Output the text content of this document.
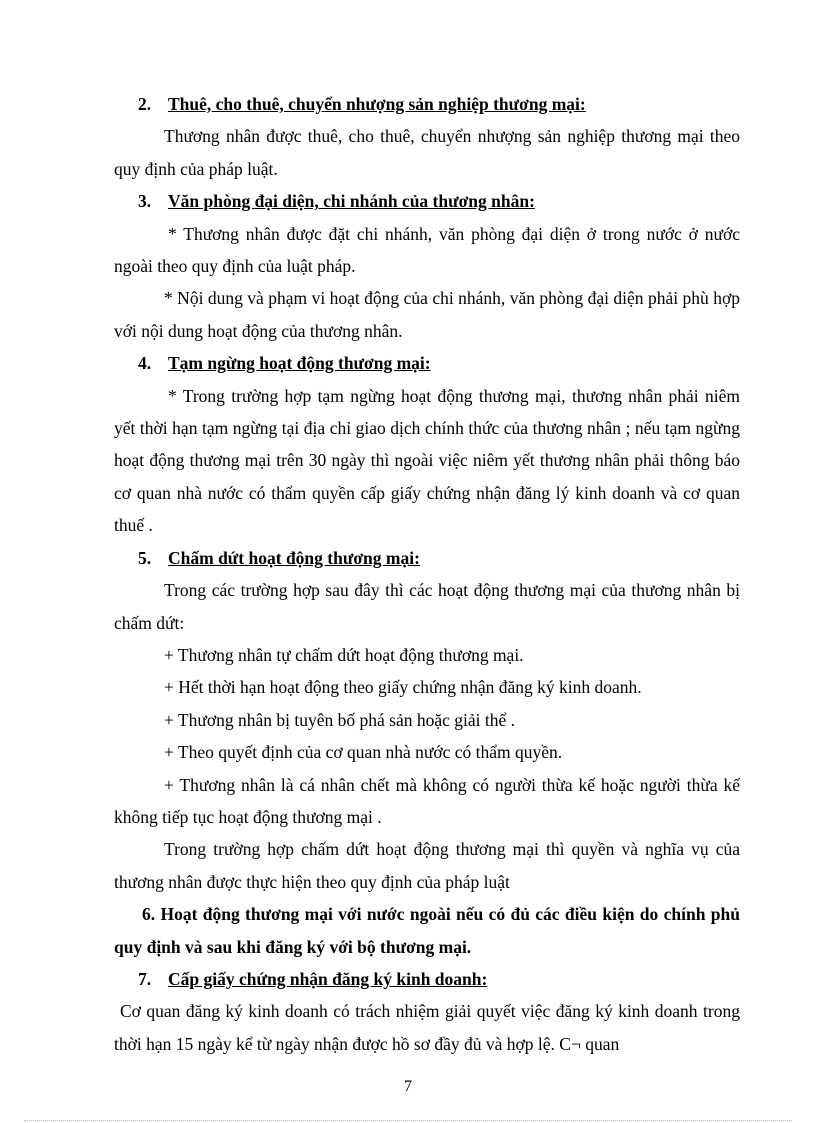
2. Thuê, cho thuê, chuyển nhượng sản nghiệp thương mại:

Thương nhân được thuê, cho thuê, chuyển nhượng sản nghiệp thương mại theo quy định của pháp luật.

3. Văn phòng đại diện, chi nhánh của thương nhân:

* Thương nhân được đặt chi nhánh, văn phòng đại diện ở trong nước ở nước ngoài theo quy định của luật pháp.

* Nội dung và phạm vi hoạt động của chi nhánh, văn phòng đại diện phải phù hợp với nội dung hoạt động của thương nhân.

4. Tạm ngừng hoạt động thương mại:

* Trong trường hợp tạm ngừng hoạt động thương mại, thương nhân phải niêm yết thời hạn tạm ngừng tại địa chỉ giao dịch chính thức của thương nhân ; nếu tạm ngừng hoạt động thương mại trên 30 ngày thì ngoài việc niêm yết thương nhân phải thông báo cơ quan nhà nước có thẩm quyền cấp giấy chứng nhận đăng lý kinh doanh và cơ quan thuế .

5. Chấm dứt hoạt động thương mại:

Trong các trường hợp sau đây thì các hoạt động thương mại của thương nhân bị chấm dứt:

+ Thương nhân tự chấm dứt hoạt động thương mại.

+ Hết thời hạn hoạt động theo giấy chứng nhận đăng ký kinh doanh.

+ Thương nhân bị tuyên bố phá sản hoặc giải thể .

+ Theo quyết định của cơ quan nhà nước có thẩm quyền.

+ Thương nhân là cá nhân chết mà không có người thừa kế hoặc người thừa kế không tiếp tục hoạt động thương mại .

Trong trường hợp chấm dứt hoạt động thương mại thì quyền và nghĩa vụ của thương nhân được thực hiện theo quy định của pháp luật

6. Hoạt động thương mại với nước ngoài nếu có đủ các điều kiện do chính phủ quy định và sau khi đăng ký với bộ thương mại.

7. Cấp giấy chứng nhận đăng ký kinh doanh:

Cơ quan đăng ký kinh doanh có trách nhiệm giải quyết việc đăng ký kinh doanh trong thời hạn 15 ngày kể từ ngày nhận được hồ sơ đầy đủ và hợp lệ. C¬ quan

7
